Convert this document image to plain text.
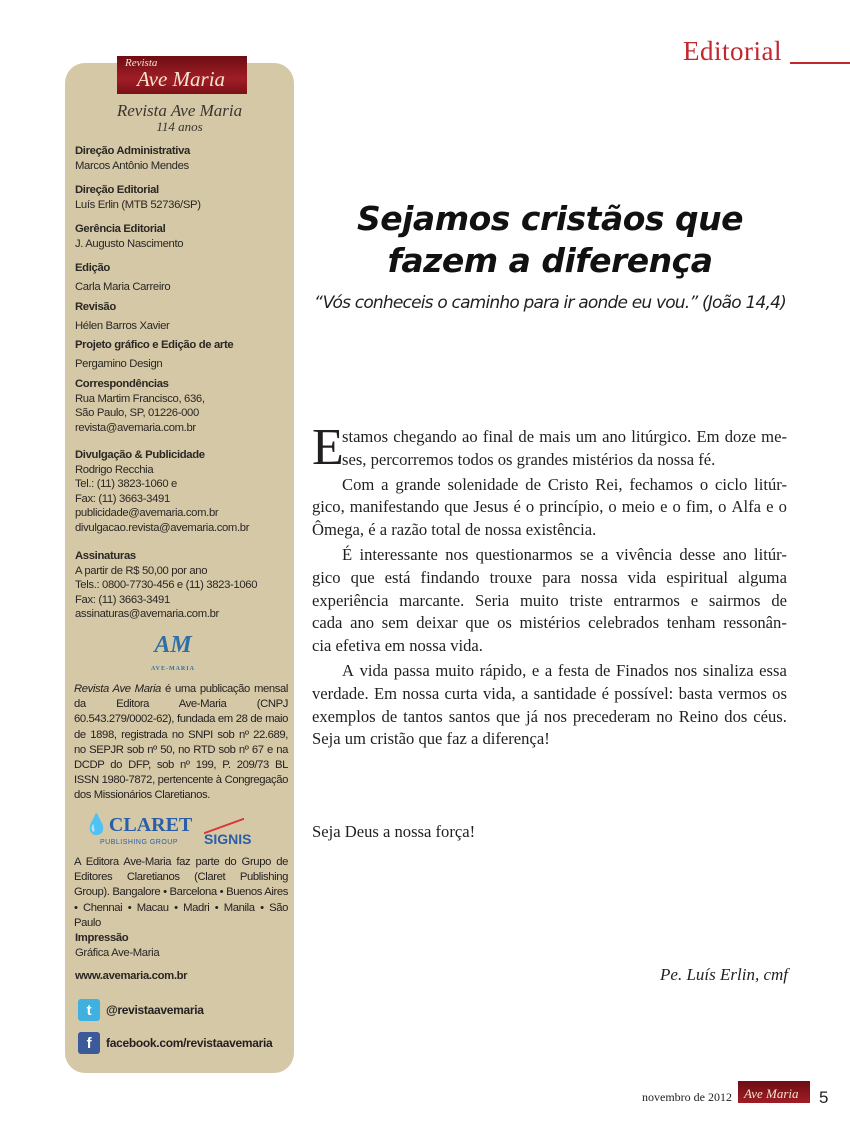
Editorial
Revista
Ave Maria
Revista Ave Maria
114 anos
Direção Administrativa
Marcos Antônio Mendes
Direção Editorial
Luís Erlin (MTB 52736/SP)
Gerência Editorial
J. Augusto Nascimento
Edição
Carla Maria Carreiro
Revisão
Hélen Barros Xavier
Projeto gráfico e Edição de arte
Pergamino Design
Correspondências
Rua Martim Francisco, 636,
São Paulo, SP, 01226-000
revista@avemaria.com.br
Divulgação & Publicidade
Rodrigo Recchia
Tel.: (11) 3823-1060 e
Fax: (11) 3663-3491
publicidade@avemaria.com.br
divulgacao.revista@avemaria.com.br
Assinaturas
A partir de R$ 50,00 por ano
Tels.: 0800-7730-456 e (11) 3823-1060
Fax: (11) 3663-3491
assinaturas@avemaria.com.br
AM
AVE-MARIA
Revista Ave Maria é uma publicação mensal da Editora Ave-Maria (CNPJ 60.543.279/0002-62), fundada em 28 de maio de 1898, registrada no SNPI sob nº 22.689, no SEPJR sob nº 50, no RTD sob nº 67 e na DCDP do DFP, sob nº 199, P. 209/73 BL ISSN 1980-7872, pertencente à Congregação dos Missionários Claretianos.
💧CLARET
PUBLISHING GROUP	SIGNIS
A Editora Ave-Maria faz parte do Grupo de Editores Claretianos (Claret Publishing Group). Bangalore • Barcelona • Buenos Aires • Chennai • Macau • Madri • Manila • São Paulo
Impressão
Gráfica Ave-Maria
www.avemaria.com.br
t	@revistaavemaria
f	facebook.com/revistaavemaria
Sejamos cristãos que
fazem a diferença
“Vós conheceis o caminho para ir aonde eu vou.” (João 14,4)
E
stamos chegando ao final de mais um ano litúrgico. Em doze me-
ses, percorremos todos os grandes mistérios da nossa fé.
Com a grande solenidade de Cristo Rei, fechamos o ciclo litúr-
gico, manifestando que Jesus é o princípio, o meio e o fim, o Alfa e o
Ômega, é a razão total de nossa existência.
É interessante nos questionarmos se a vivência desse ano litúr-
gico que está findando trouxe para nossa vida espiritual alguma
experiência marcante. Seria muito triste entrarmos e sairmos de
cada ano sem deixar que os mistérios celebrados tenham ressonân-
cia efetiva em nossa vida.
A vida passa muito rápido, e a festa de Finados nos sinaliza essa
verdade. Em nossa curta vida, a santidade é possível: basta vermos os
exemplos de tantos santos que já nos precederam no Reino dos céus.
Seja um cristão que faz a diferença!
Seja Deus a nossa força!
Pe. Luís Erlin, cmf
novembro de 2012 Ave Maria	5
